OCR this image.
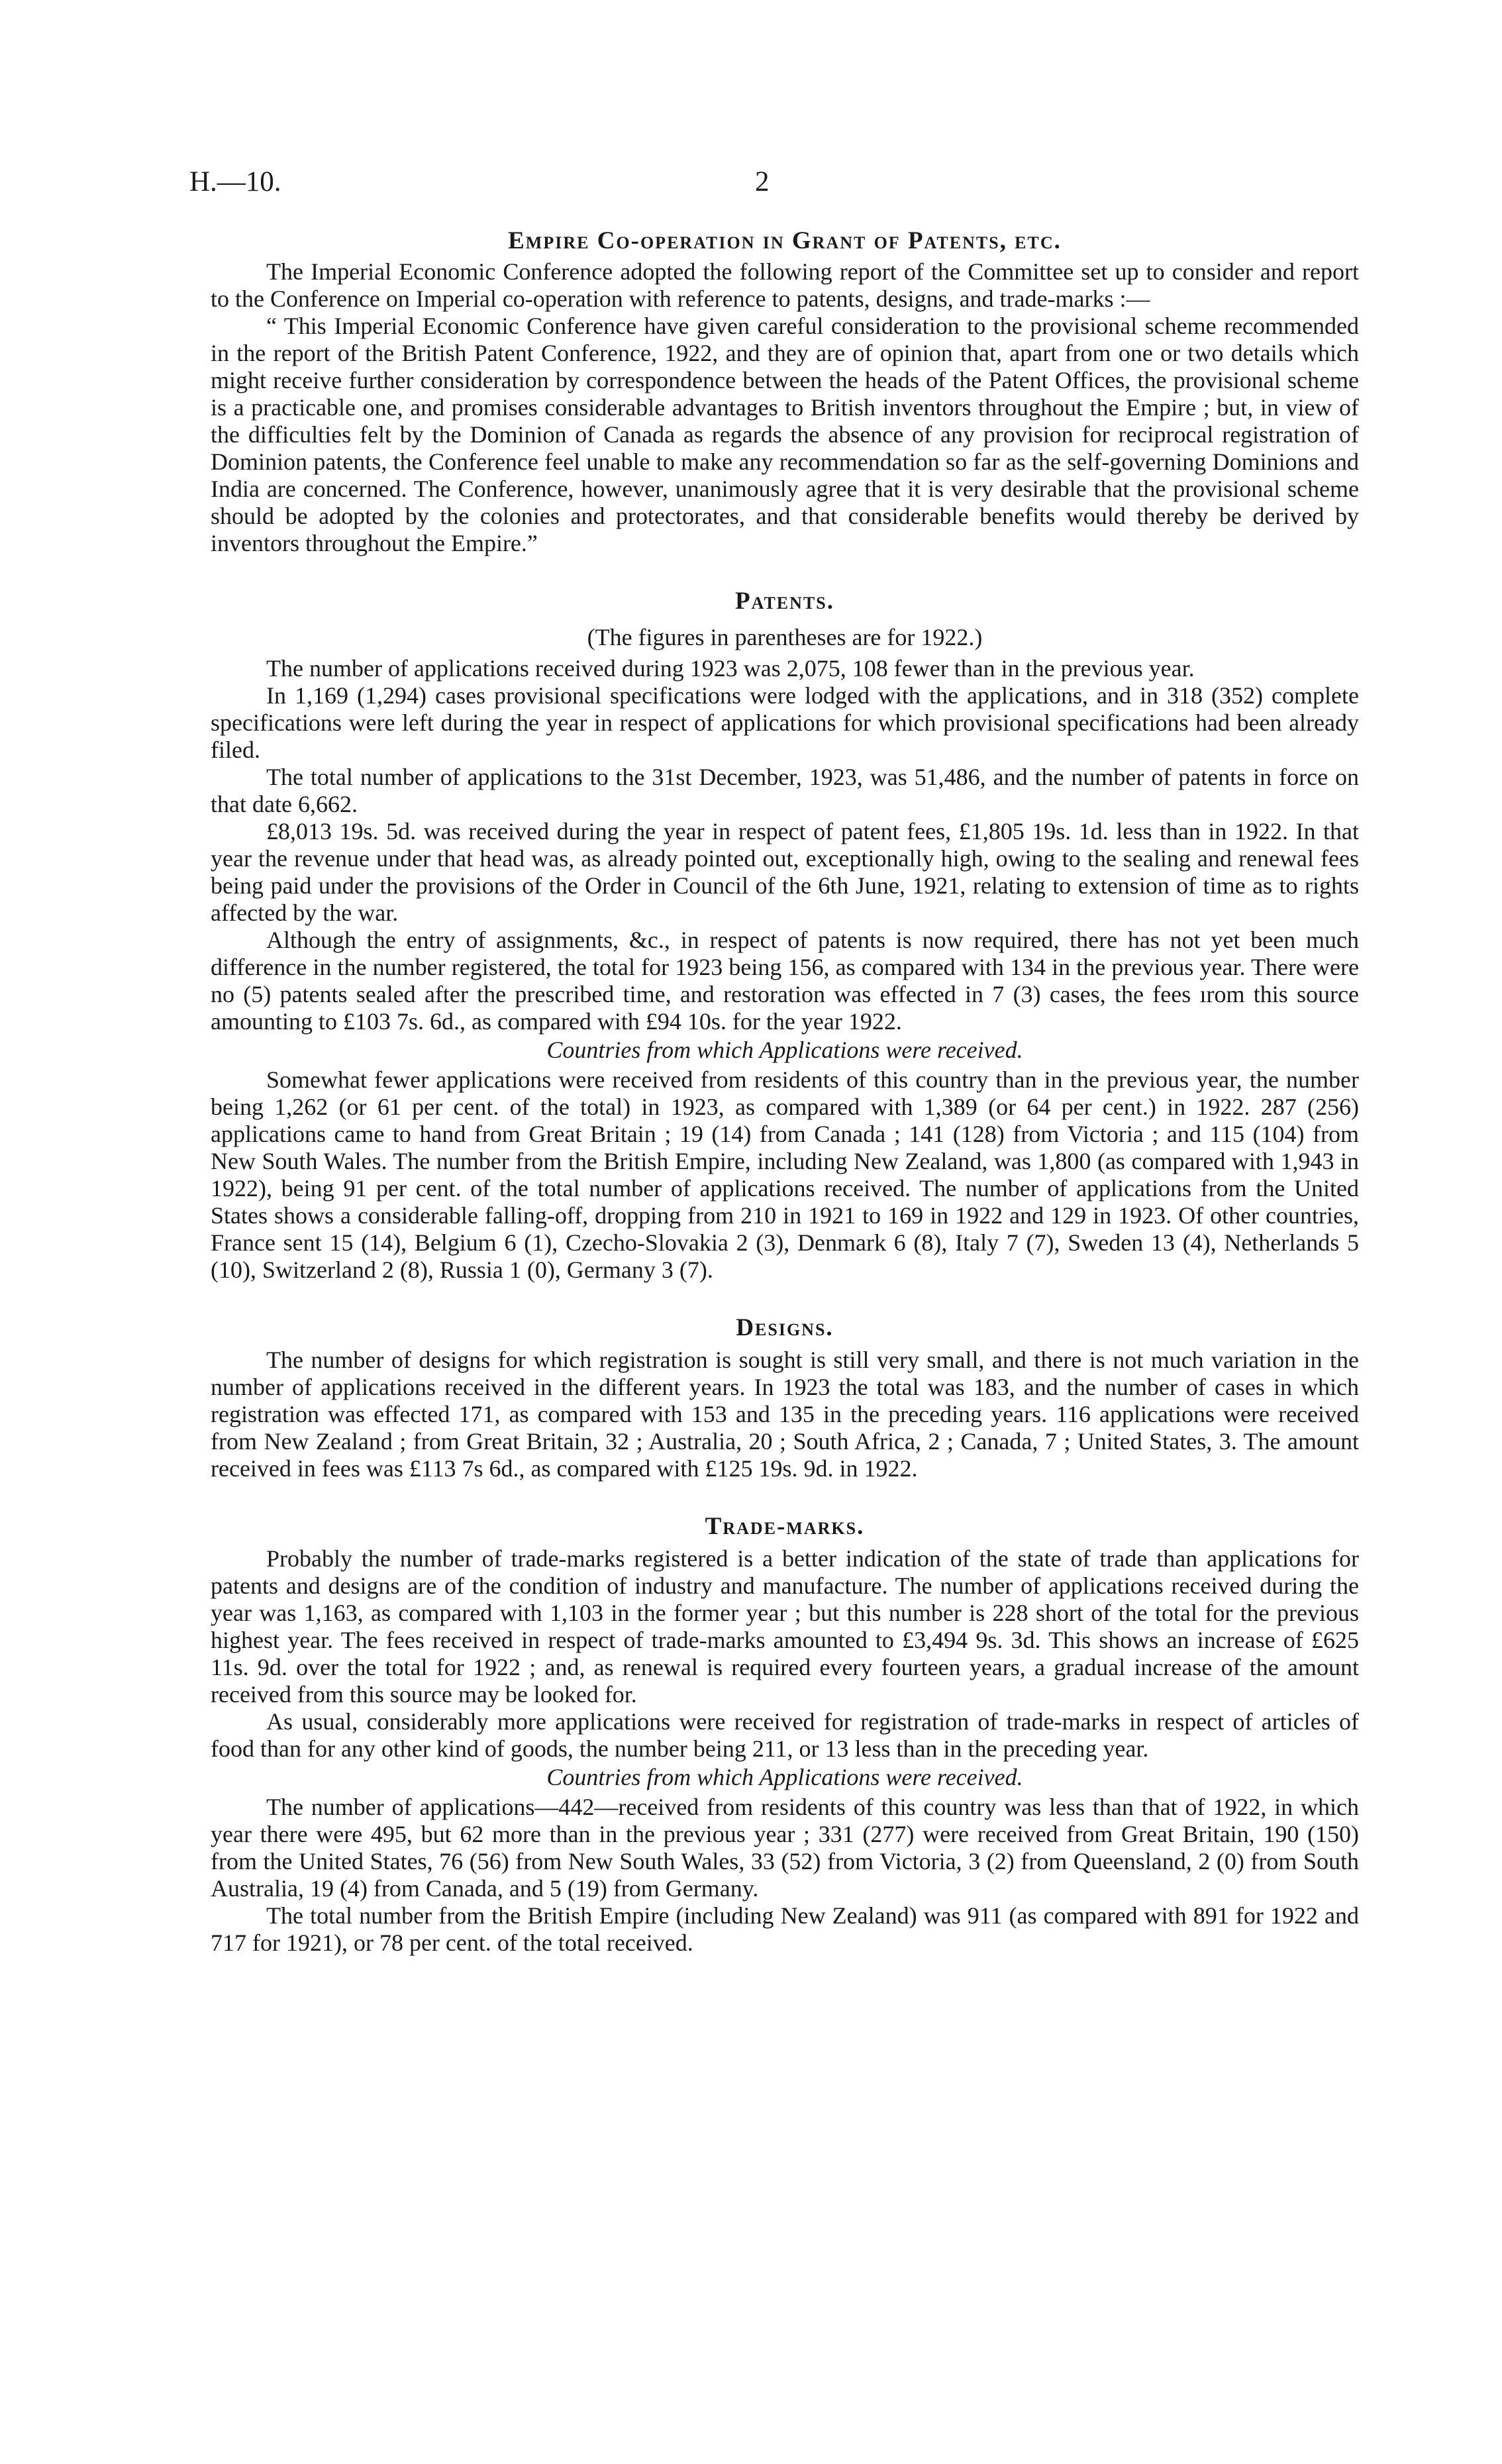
H.—10.	2
Empire Co-operation in Grant of Patents, etc.

The Imperial Economic Conference adopted the following report of the Committee set up to consider and report to the Conference on Imperial co-operation with reference to patents, designs, and trade-marks :—

“ This Imperial Economic Conference have given careful consideration to the provisional scheme recommended in the report of the British Patent Conference, 1922, and they are of opinion that, apart from one or two details which might receive further consideration by correspondence between the heads of the Patent Offices, the provisional scheme is a practicable one, and promises considerable advantages to British inventors throughout the Empire ; but, in view of the difficulties felt by the Dominion of Canada as regards the absence of any provision for reciprocal registration of Dominion patents, the Conference feel unable to make any recommendation so far as the self-governing Dominions and India are concerned. The Conference, however, unanimously agree that it is very desirable that the provisional scheme should be adopted by the colonies and protectorates, and that considerable benefits would thereby be derived by inventors throughout the Empire.”

Patents.
(The figures in parentheses are for 1922.)

The number of applications received during 1923 was 2,075, 108 fewer than in the previous year.

In 1,169 (1,294) cases provisional specifications were lodged with the applications, and in 318 (352) complete specifications were left during the year in respect of applications for which provisional specifications had been already filed.

The total number of applications to the 31st December, 1923, was 51,486, and the number of patents in force on that date 6,662.

£8,013 19s. 5d. was received during the year in respect of patent fees, £1,805 19s. 1d. less than in 1922. In that year the revenue under that head was, as already pointed out, exceptionally high, owing to the sealing and renewal fees being paid under the provisions of the Order in Council of the 6th June, 1921, relating to extension of time as to rights affected by the war.

Although the entry of assignments, &c., in respect of patents is now required, there has not yet been much difference in the number registered, the total for 1923 being 156, as compared with 134 in the previous year. There were no (5) patents sealed after the prescribed time, and restoration was effected in 7 (3) cases, the fees ırom this source amounting to £103 7s. 6d., as compared with £94 10s. for the year 1922.

Countries from which Applications were received.

Somewhat fewer applications were received from residents of this country than in the previous year, the number being 1,262 (or 61 per cent. of the total) in 1923, as compared with 1,389 (or 64 per cent.) in 1922. 287 (256) applications came to hand from Great Britain ; 19 (14) from Canada ; 141 (128) from Victoria ; and 115 (104) from New South Wales. The number from the British Empire, including New Zealand, was 1,800 (as compared with 1,943 in 1922), being 91 per cent. of the total number of applications received. The number of applications from the United States shows a considerable falling-off, dropping from 210 in 1921 to 169 in 1922 and 129 in 1923. Of other countries, France sent 15 (14), Belgium 6 (1), Czecho-Slovakia 2 (3), Denmark 6 (8), Italy 7 (7), Sweden 13 (4), Netherlands 5 (10), Switzerland 2 (8), Russia 1 (0), Germany 3 (7).

Designs.

The number of designs for which registration is sought is still very small, and there is not much variation in the number of applications received in the different years. In 1923 the total was 183, and the number of cases in which registration was effected 171, as compared with 153 and 135 in the preceding years. 116 applications were received from New Zealand ; from Great Britain, 32 ; Australia, 20 ; South Africa, 2 ; Canada, 7 ; United States, 3. The amount received in fees was £113 7s 6d., as compared with £125 19s. 9d. in 1922.

Trade-marks.

Probably the number of trade-marks registered is a better indication of the state of trade than applications for patents and designs are of the condition of industry and manufacture. The number of applications received during the year was 1,163, as compared with 1,103 in the former year ; but this number is 228 short of the total for the previous highest year. The fees received in respect of trade-marks amounted to £3,494 9s. 3d. This shows an increase of £625 11s. 9d. over the total for 1922 ; and, as renewal is required every fourteen years, a gradual increase of the amount received from this source may be looked for.

As usual, considerably more applications were received for registration of trade-marks in respect of articles of food than for any other kind of goods, the number being 211, or 13 less than in the preceding year.

Countries from which Applications were received.

The number of applications—442—received from residents of this country was less than that of 1922, in which year there were 495, but 62 more than in the previous year ; 331 (277) were received from Great Britain, 190 (150) from the United States, 76 (56) from New South Wales, 33 (52) from Victoria, 3 (2) from Queensland, 2 (0) from South Australia, 19 (4) from Canada, and 5 (19) from Germany.

The total number from the British Empire (including New Zealand) was 911 (as compared with 891 for 1922 and 717 for 1921), or 78 per cent. of the total received.
